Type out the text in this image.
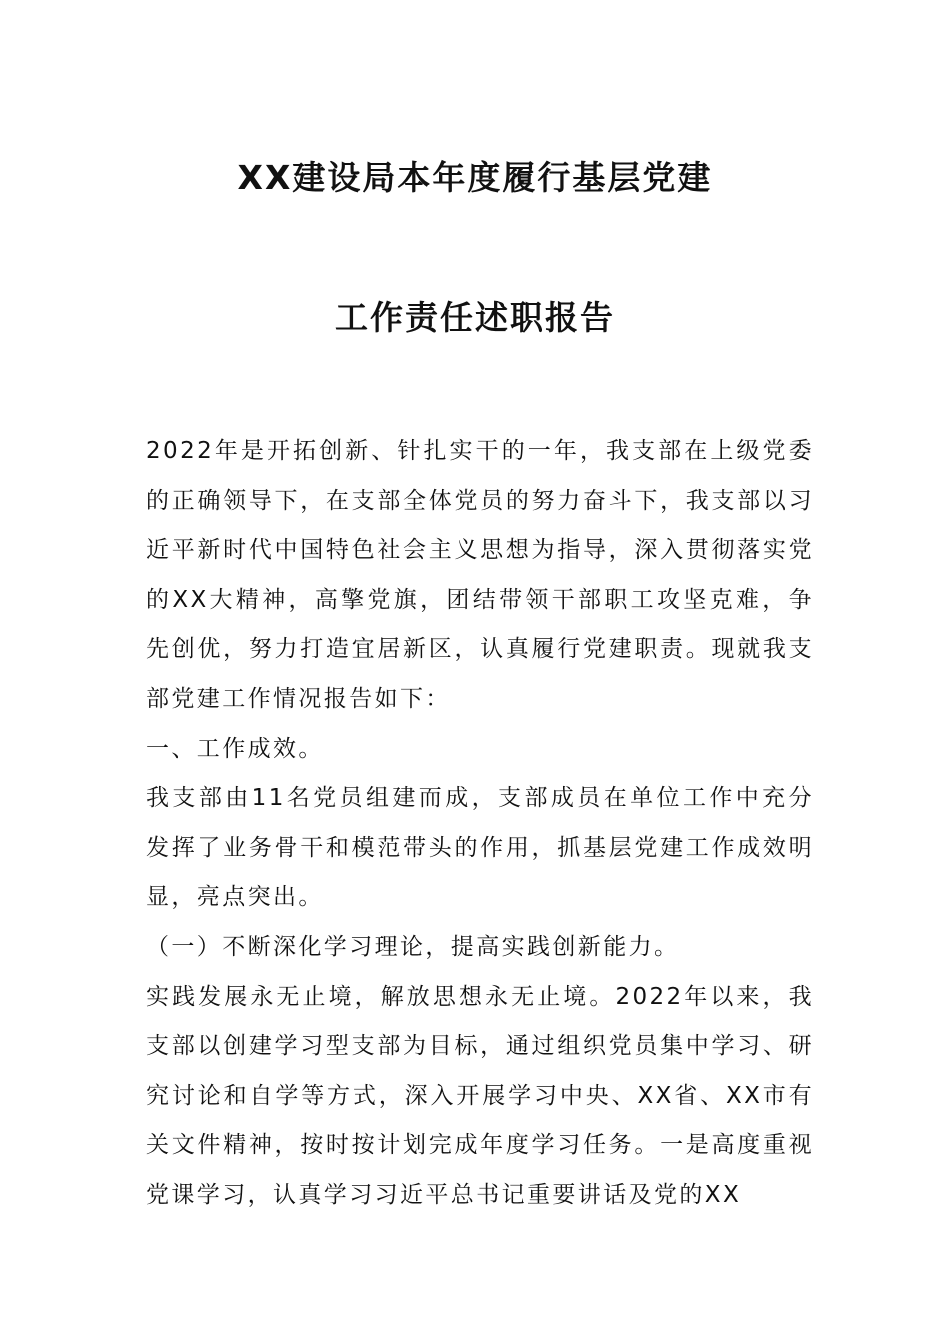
XX建设局本年度履行基层党建
工作责任述职报告

2022年是开拓创新、针扎实干的一年，我支部在上级党委的正确领导下，在支部全体党员的努力奋斗下，我支部以习近平新时代中国特色社会主义思想为指导，深入贯彻落实党的XX大精神，高擎党旗，团结带领干部职工攻坚克难，争先创优，努力打造宜居新区，认真履行党建职责。现就我支部党建工作情况报告如下：

一、工作成效。

我支部由11名党员组建而成，支部成员在单位工作中充分发挥了业务骨干和模范带头的作用，抓基层党建工作成效明显，亮点突出。

（一）不断深化学习理论，提高实践创新能力。

实践发展永无止境，解放思想永无止境。2022年以来，我支部以创建学习型支部为目标，通过组织党员集中学习、研究讨论和自学等方式，深入开展学习中央、XX省、XX市有关文件精神，按时按计划完成年度学习任务。一是高度重视党课学习，认真学习习近平总书记重要讲话及党的XX
